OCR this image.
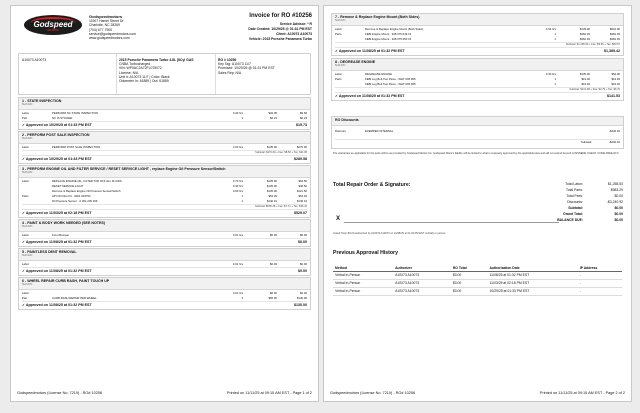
Godspeed
MOTORS
Godspeedmotors
11907 Hamel Street Dr
Charlotte, NC 28269
(704) 677-7500
service@godspeedmotors.com
www.godspeedmotors.com
Invoice for RO #10256
Service Advisor: * R
Date Created: 10/29/25 @ 01:31 PM EST
Client: A10073 A10073
Vehicle: 2015 Porsche Panamera Turbo
A10073 A10073	2015 Porsche Panamera Turbo 4.8L (8Cyl GAS
CNBA Turbocharged
VIN: WP0AC2A72FL075072
License: N/A
Unit #: A10073 11/7 | Color: Black
Odometer In: 61889 | Out: 61889
RO # 10256
Key Tag: A10073 11/7
Promised: 10/29/25 @ 01:31 PM EST
Sales Rep: N/A
1 - STATE INSPECTION
Tech F/C
Labor	PERFORM NC STATE INSPECTION	0.30 hrs	$32.38	$9.66
Part	NC IS STICKER	1	$6.23	$6.23
✓ Approved on 10/29/25 at 01:33 PM EST	$15.73
2 - PERFORM POST SALE INSPECTION
Tech F/C
Labor	PERFORM POST SALE INSPECTION	2.00 hrs	$135.00	$270.00
Subtotal: $270.00 + Fee: $8.50 + Tax: $11.08
✓ Approved on 10/29/25 at 01:33 PM EST	$289.58
3 - PERFORM ENGINE OIL AND FILTER SERVICE / RESET SERVICE LIGHT , replace Engine Oil Pressure Sensor/Switch
Tech F/C
Labor	REPLACE ENGINE OIL, FILTER TOP OFF ALL FLUIDS	0.70 hrs	$135.00	$94.50
RESET SERVICE LIGHT	0.30 hrs	$135.00	$40.50
Remove & Replace Engine Oil Pressure Sensor/Switch	0.90 hrs	$135.00	$121.50
Parts	API Oil Filter Kit - 0001 004702	1	$54.29	$54.29
Oil Pressure Sensor - 0 261 230 296	1	$140.19	$140.19
Subtotal: $505.48 + Fee: $7.71 + Tax: $36.44
✓ Approved on 11/03/25 at 02:18 PM EST	$529.07
4 - PAINT & BODY WORK NEEDED (SEE NOTES)
Tech F/C
Labor	Front Bumper	0.01 hrs	$0.00	$0.00
✓ Approved on 11/08/25 at 01:32 PM EST	$0.00
5 - PAINTLESS DENT REMOVAL
Tech F/C
Labor	0.01 hrs	$0.00	$0.00
✓ Approved on 11/08/25 at 01:32 PM EST	$0.00
6 - WHEEL REPAIR CURB RASH, PAINT TOUCH UP
Tech F/C
Labor	0.01 hrs	$0.00	$0.00
Part	CURB RASH REPAIR PER WHEEL	2	$65.00	$130.00
✓ Approved on 11/08/25 at 01:32 PM EST	$130.00
Godspeedmotors (License No. 7210) - RO# 10256	Printed on 11/11/25 at 09:15 AM EST - Page 1 of 2
7 - Remove & Replace Engine Mount (Both Sides)
Tech F/C
Labor	Remove & Replace Engine Mount (Both Sides)	4.54 hrs	$135.00	$601.90
Parts	FEBI Engine Mount - 948 375 049 13	1	$362.93	$362.93
FEBI Engine Mount - 948 375 050 13	1	$362.93	$362.93
Subtotal: $1,295.90 + Fee: $9.95 + Tax: $83.57
✓ Approved on 11/08/25 at 01:32 PM EST	$1,389.42
8 - DEGREASE ENGINE
Tech F/C
Labor	DEGREASE ENGINE	0.40 hrs	$135.00	$54.00
Parts	FEBI Lug Bolt Two Piece - WHT 005 905	1	$19.49	$19.49
FEBI Lug Bolt Two Piece - WHT 005 905	1	$19.49	$19.49
Subtotal: $131.98 + Fee: $2.79 + Tax: $6.76
✓ Approved on 11/08/25 at 01:32 PM EST	$141.53
RO Discounts
Discount	EXEMPED INTERNAL	-$240.40
Subtotal:	-$240.40
The warranties as applicable for the parts will be as provided by Godspeed Motors Inc. Godspeed Motor's liability will be limited to what is expressly approved by the applicable laws and will not extend beyond LOSSNEDE 'CHECK 'CODE FREE ETC.
Total Repair Order & Signature:	Total Labor:	$1,258.53
Total Parts:	$983.29
Total Fees:	$0.00
Discounts:	-$3,240.92
Subtotal:	$0.00
Grand Total:	$0.00
BALANCE DUE:	$0.00
X
Grand Total: $0.00 authorized by A10073 A10073 on 11/08/25 at 01:32 PM EST verbally in person.
Previous Approval History
Method	Authorizer	RO Total	Authorization Date	IP Address
Verbal In-Person	A10073 A10073	$0.00	11/08/25 at 01:32 PM EST	-
Verbal In-Person	A10073 A10073	$0.00	11/03/25 at 02:18 PM EST	-
Verbal In-Person	A10073 A10073	$0.00	10/29/25 at 01:33 PM EST	-
Godspeedmotors (License No. 7210) - RO# 10256	Printed on 11/11/25 at 09:15 AM EST - Page 2 of 2
